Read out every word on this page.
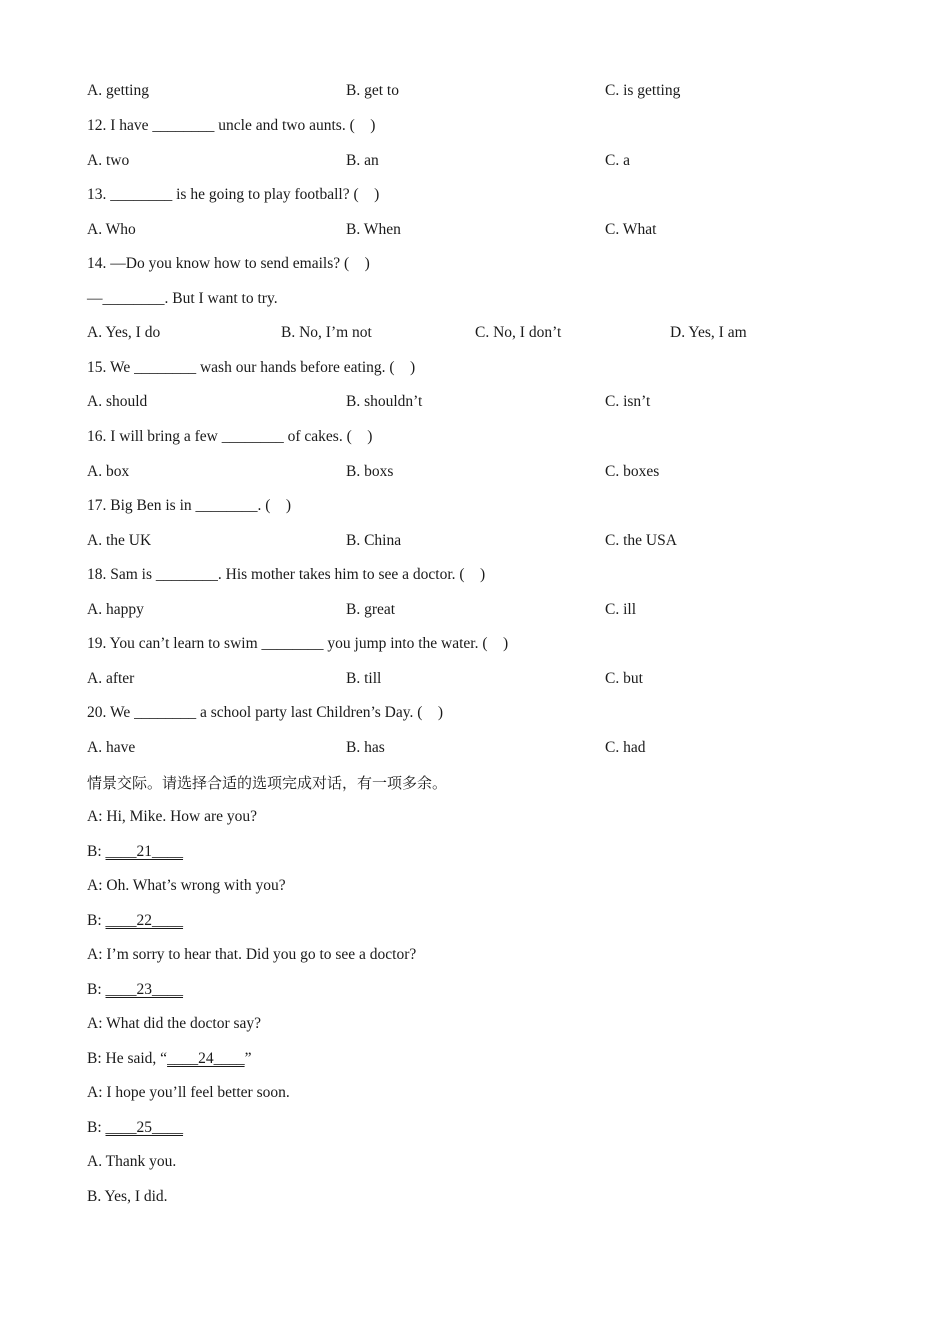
A. getting	B. get to	C. is getting
12. I have ________ uncle and two aunts. (    )
A. two	B. an	C. a
13. ________ is he going to play football? (    )
A. Who	B. When	C. What
14. —Do you know how to send emails? (    )
—________. But I want to try.
A. Yes, I do	B. No, I’m not	C. No, I don’t	D. Yes, I am
15. We ________ wash our hands before eating. (    )
A. should	B. shouldn’t	C. isn’t
16. I will bring a few ________ of cakes. (    )
A. box	B. boxs	C. boxes
17. Big Ben is in ________. (    )
A. the UK	B. China	C. the USA
18. Sam is ________. His mother takes him to see a doctor. (    )
A. happy	B. great	C. ill
19. You can’t learn to swim ________ you jump into the water. (    )
A. after	B. till	C. but
20. We ________ a school party last Children’s Day. (    )
A. have	B. has	C. had
情景交际。请选择合适的选项完成对话，有一项多余。
A: Hi, Mike. How are you?
B: ____21____
A: Oh. What’s wrong with you?
B: ____22____
A: I’m sorry to hear that. Did you go to see a doctor?
B: ____23____
A: What did the doctor say?
B: He said, “____24____”
A: I hope you’ll feel better soon.
B: ____25____
A. Thank you.
B. Yes, I did.
